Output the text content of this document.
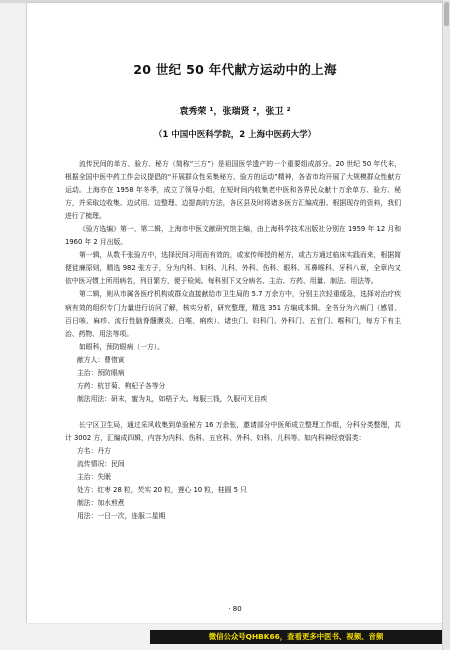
20 世纪 50 年代献方运动中的上海
袁秀荣 ¹，张瑞贤 ²，张卫 ²
（1 中国中医科学院，2 上海中医药大学）

流传民间的单方、验方、秘方（简称“三方”）是祖国医学遗产的一个重要组成部分。20 世纪 50 年代末，根据全国中医中药工作会议提倡的“开展群众性采集秘方、验方的运动”精神，各省市均开展了大规模群众性献方运动。上海亦在 1958 年冬季，成立了领导小组，在短时间内收集老中医和各界民众献十万余单方、验方、秘方，并采取边收集、边试用、边整理、边提高的方法，各区县及时将诸多医方汇编成册。根据现存的资料，我们进行了梳理。

《验方选编》第一、第二辑，上海市中医文献研究馆主编，由上海科学技术出版社分别在 1959 年 12 月和 1960 年 2 月出版。

第一辑，从数千张验方中，选择民间习用而有效的，或家传师授的秘方，或古方通过临床实践而来，根据简便徒廉原则，精选 982 张方子，分为内科、妇科、儿科、外科、伤科、眼科、耳鼻喉科、牙科八章，全章内又依中医习惯上所用病名，列目繁方，便于检阅。每科别下又分病名、主治、方药、用量、制法、用法等。

第二辑，则从市属各医疗机构或群众直接献给市卫生局的 5.7 万余方中，分别主次轻重缓急，选择对治疗疾病有效的组织专门力量进行访问了解，核实分析，研究整理，精选 351 方编成本辑。全书分为六病门（感冒、百日咳、麻疹、流行性脑脊髓膜炎、白喉、痢疾）、诸虫门、妇科门、外科门、五官门、喉科门，每方下有主治、药物、用法等项。

如眼科，预防眼病（一方）。

献方人：曹惜寅

主治：预防眼病

方药：杭甘菊、枸杞子各等分

制法用法：研末，蜜为丸，如梧子大。每服三钱，久服可无目疾

长宁区卫生局，通过采风收集到单验秘方 16 万余张，邀请部分中医师成立整理工作组，分科分类整理，共计 3002 方，汇编成四辑，内容为内科、伤科、五官科、外科、妇科、儿科等。如内科神经衰弱类：

方名：丹方

流传情况：民间

主治：失眠

处方：红枣 28 粒，芡实 20 粒，莲心 10 粒，桂圆 5 只

制法：加水煎煮

用法：一日一次，连服二星期

· 80
微信公众号QHBK66，查看更多中医书、视频、音频
